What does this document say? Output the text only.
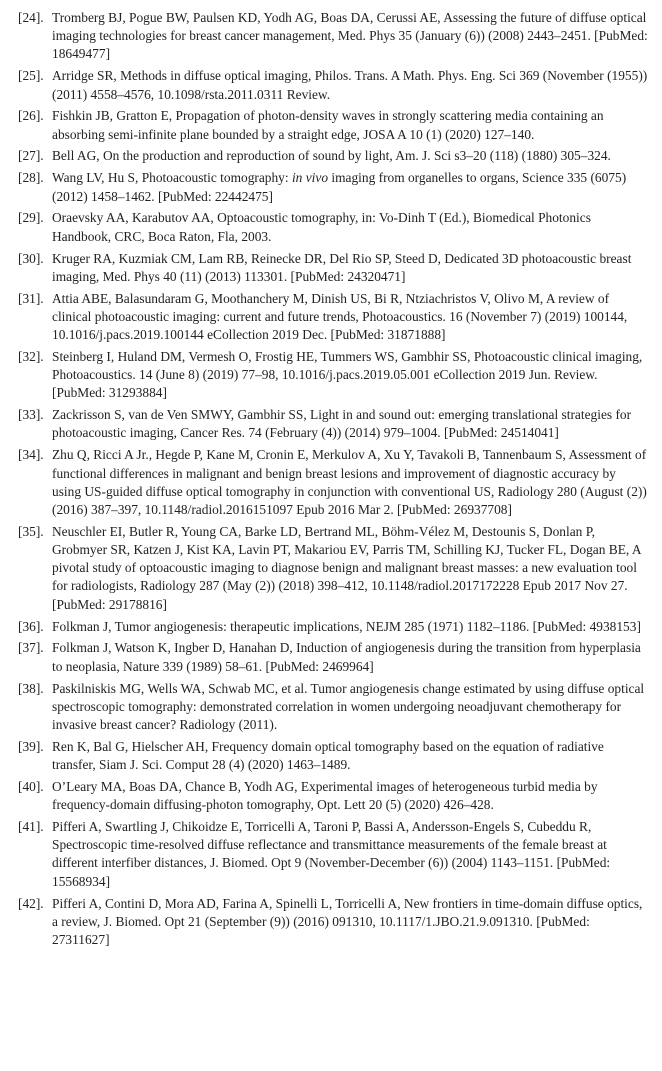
[24]. Tromberg BJ, Pogue BW, Paulsen KD, Yodh AG, Boas DA, Cerussi AE, Assessing the future of diffuse optical imaging technologies for breast cancer management, Med. Phys 35 (January (6)) (2008) 2443–2451. [PubMed: 18649477]
[25]. Arridge SR, Methods in diffuse optical imaging, Philos. Trans. A Math. Phys. Eng. Sci 369 (November (1955)) (2011) 4558–4576, 10.1098/rsta.2011.0311 Review.
[26]. Fishkin JB, Gratton E, Propagation of photon-density waves in strongly scattering media containing an absorbing semi-infinite plane bounded by a straight edge, JOSA A 10 (1) (2020) 127–140.
[27]. Bell AG, On the production and reproduction of sound by light, Am. J. Sci s3–20 (118) (1880) 305–324.
[28]. Wang LV, Hu S, Photoacoustic tomography: in vivo imaging from organelles to organs, Science 335 (6075) (2012) 1458–1462. [PubMed: 22442475]
[29]. Oraevsky AA, Karabutov AA, Optoacoustic tomography, in: Vo-Dinh T (Ed.), Biomedical Photonics Handbook, CRC, Boca Raton, Fla, 2003.
[30]. Kruger RA, Kuzmiak CM, Lam RB, Reinecke DR, Del Rio SP, Steed D, Dedicated 3D photoacoustic breast imaging, Med. Phys 40 (11) (2013) 113301. [PubMed: 24320471]
[31]. Attia ABE, Balasundaram G, Moothanchery M, Dinish US, Bi R, Ntziachristos V, Olivo M, A review of clinical photoacoustic imaging: current and future trends, Photoacoustics. 16 (November 7) (2019) 100144, 10.1016/j.pacs.2019.100144 eCollection 2019 Dec. [PubMed: 31871888]
[32]. Steinberg I, Huland DM, Vermesh O, Frostig HE, Tummers WS, Gambhir SS, Photoacoustic clinical imaging, Photoacoustics. 14 (June 8) (2019) 77–98, 10.1016/j.pacs.2019.05.001 eCollection 2019 Jun. Review. [PubMed: 31293884]
[33]. Zackrisson S, van de Ven SMWY, Gambhir SS, Light in and sound out: emerging translational strategies for photoacoustic imaging, Cancer Res. 74 (February (4)) (2014) 979–1004. [PubMed: 24514041]
[34]. Zhu Q, Ricci A Jr., Hegde P, Kane M, Cronin E, Merkulov A, Xu Y, Tavakoli B, Tannenbaum S, Assessment of functional differences in malignant and benign breast lesions and improvement of diagnostic accuracy by using US-guided diffuse optical tomography in conjunction with conventional US, Radiology 280 (August (2)) (2016) 387–397, 10.1148/radiol.2016151097 Epub 2016 Mar 2. [PubMed: 26937708]
[35]. Neuschler EI, Butler R, Young CA, Barke LD, Bertrand ML, Böhm-Vélez M, Destounis S, Donlan P, Grobmyer SR, Katzen J, Kist KA, Lavin PT, Makariou EV, Parris TM, Schilling KJ, Tucker FL, Dogan BE, A pivotal study of optoacoustic imaging to diagnose benign and malignant breast masses: a new evaluation tool for radiologists, Radiology 287 (May (2)) (2018) 398–412, 10.1148/radiol.2017172228 Epub 2017 Nov 27. [PubMed: 29178816]
[36]. Folkman J, Tumor angiogenesis: therapeutic implications, NEJM 285 (1971) 1182–1186. [PubMed: 4938153]
[37]. Folkman J, Watson K, Ingber D, Hanahan D, Induction of angiogenesis during the transition from hyperplasia to neoplasia, Nature 339 (1989) 58–61. [PubMed: 2469964]
[38]. Paskilniskis MG, Wells WA, Schwab MC, et al. Tumor angiogenesis change estimated by using diffuse optical spectroscopic tomography: demonstrated correlation in women undergoing neoadjuvant chemotherapy for invasive breast cancer? Radiology (2011).
[39]. Ren K, Bal G, Hielscher AH, Frequency domain optical tomography based on the equation of radiative transfer, Siam J. Sci. Comput 28 (4) (2020) 1463–1489.
[40]. O’Leary MA, Boas DA, Chance B, Yodh AG, Experimental images of heterogeneous turbid media by frequency-domain diffusing-photon tomography, Opt. Lett 20 (5) (2020) 426–428.
[41]. Pifferi A, Swartling J, Chikoidze E, Torricelli A, Taroni P, Bassi A, Andersson-Engels S, Cubeddu R, Spectroscopic time-resolved diffuse reflectance and transmittance measurements of the female breast at different interfiber distances, J. Biomed. Opt 9 (November-December (6)) (2004) 1143–1151. [PubMed: 15568934]
[42]. Pifferi A, Contini D, Mora AD, Farina A, Spinelli L, Torricelli A, New frontiers in time-domain diffuse optics, a review, J. Biomed. Opt 21 (September (9)) (2016) 091310, 10.1117/1.JBO.21.9.091310. [PubMed: 27311627]
